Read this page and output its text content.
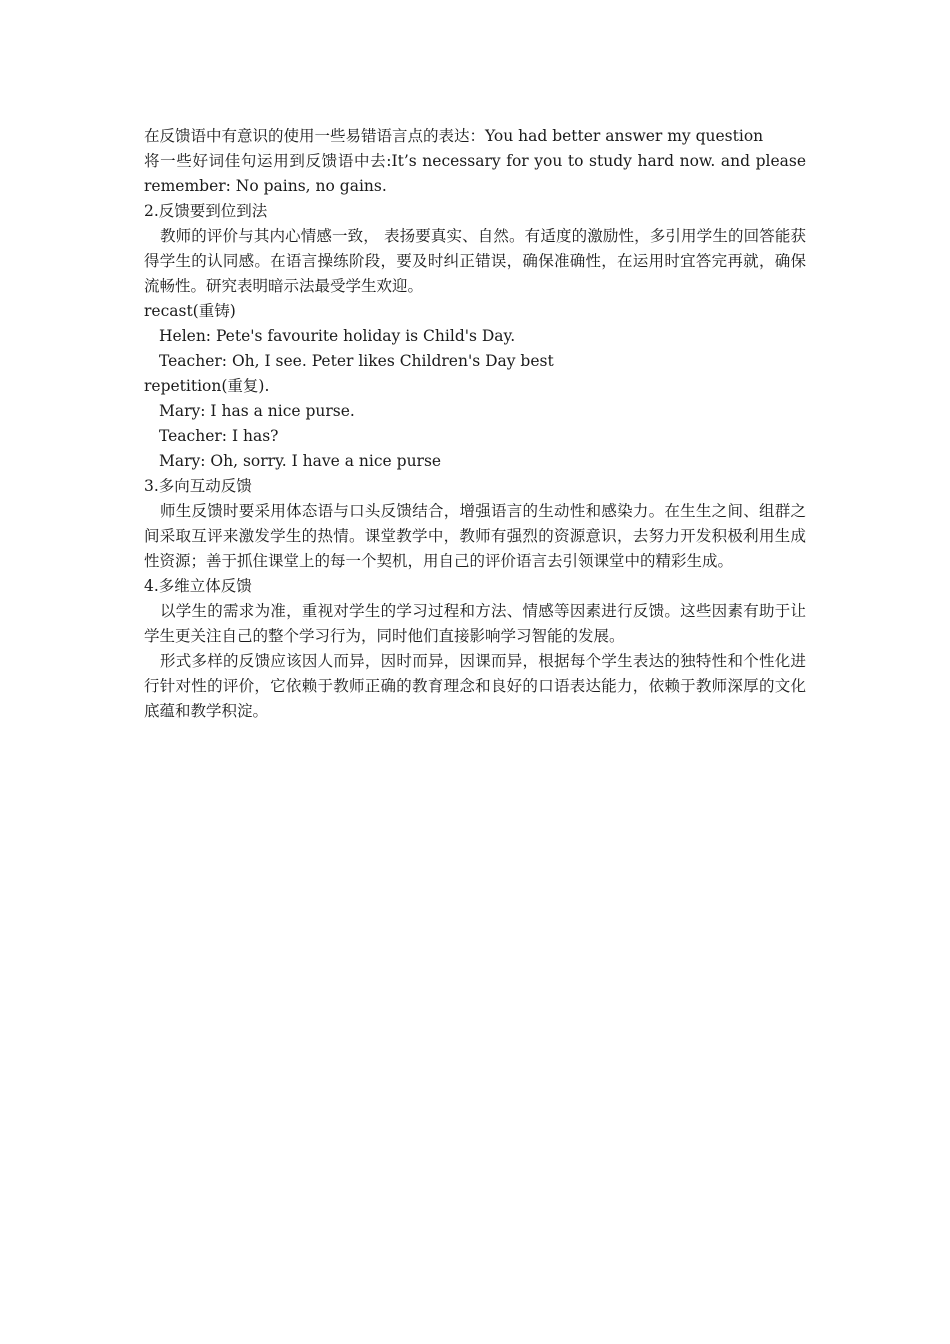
在反馈语中有意识的使用一些易错语言点的表达：You had better answer my question

将一些好词佳句运用到反馈语中去:It’s necessary for you to study hard now. and please

remember: No pains, no gains.

2.反馈要到位到法

教师的评价与其内心情感一致， 表扬要真实、自然。有适度的激励性，多引用学生的回答能获得学生的认同感。在语言操练阶段，要及时纠正错误，确保准确性，在运用时宜答完再就，确保流畅性。研究表明暗示法最受学生欢迎。

recast(重铸)

Helen: Pete's favourite holiday is Child's Day.

Teacher: Oh, I see. Peter likes Children's Day best

repetition(重复).

Mary: I has a nice purse.

Teacher: I has?

Mary: Oh, sorry. I have a nice purse

3.多向互动反馈

师生反馈时要采用体态语与口头反馈结合，增强语言的生动性和感染力。在生生之间、组群之间采取互评来激发学生的热情。课堂教学中，教师有强烈的资源意识，去努力开发积极利用生成性资源；善于抓住课堂上的每一个契机，用自己的评价语言去引领课堂中的精彩生成。

4.多维立体反馈

以学生的需求为准，重视对学生的学习过程和方法、情感等因素进行反馈。这些因素有助于让学生更关注自己的整个学习行为，同时他们直接影响学习智能的发展。

形式多样的反馈应该因人而异，因时而异，因课而异，根据每个学生表达的独特性和个性化进行针对性的评价，它依赖于教师正确的教育理念和良好的口语表达能力，依赖于教师深厚的文化底蕴和教学积淀。
